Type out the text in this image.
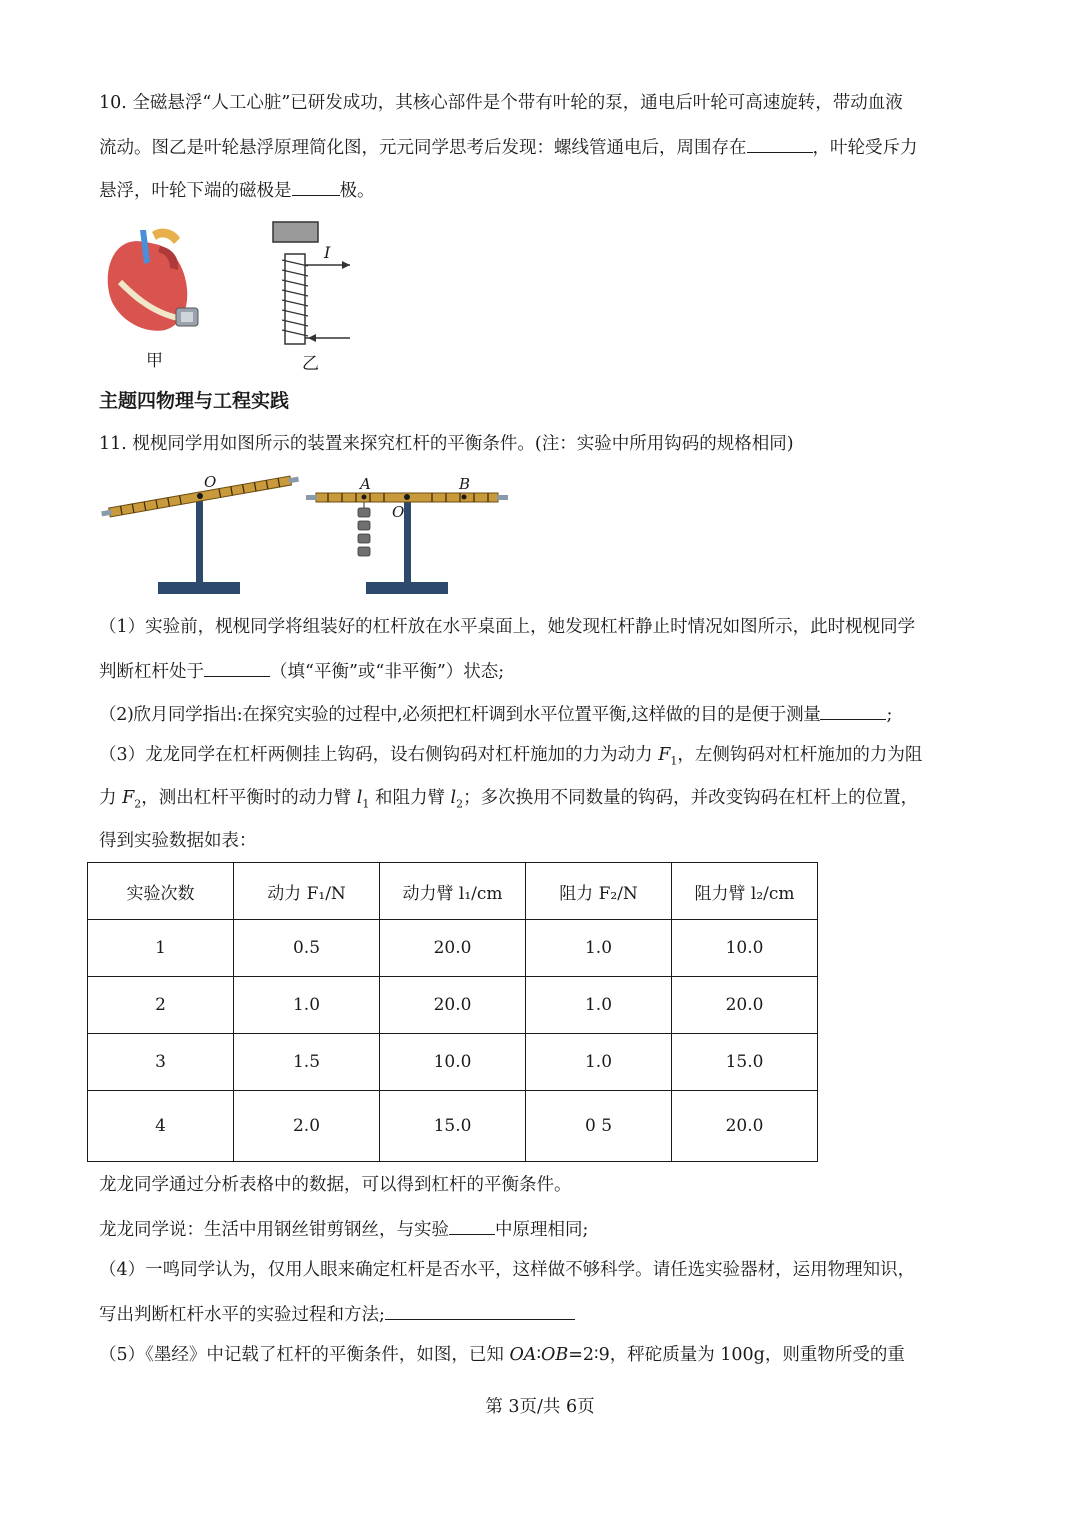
10. 全磁悬浮“人工心脏”已研发成功，其核心部件是个带有叶轮的泵，通电后叶轮可高速旋转，带动血液
流动。图乙是叶轮悬浮原理简化图，元元同学思考后发现：螺线管通电后，周围存在	，叶轮受斥力
悬浮，叶轮下端的磁极是	极。
甲
I
乙
主题四物理与工程实践
11. 枧枧同学用如图所示的装置来探究杠杆的平衡条件。(注：实验中所用钩码的规格相同)
O	A	B
O
（1）实验前，枧枧同学将组装好的杠杆放在水平桌面上，她发现杠杆静止时情况如图所示，此时枧枧同学
判断杠杆处于	（填“平衡”或“非平衡”）状态;
（2)欣月同学指出:在探究实验的过程中,必须把杠杆调到水平位置平衡,这样做的目的是便于测量	;
（3）龙龙同学在杠杆两侧挂上钩码，设右侧钩码对杠杆施加的力为动力 $F_1$，左侧钩码对杠杆施加的力为阻
力 $F_2$，测出杠杆平衡时的动力臂 $l_1$ 和阻力臂 $l_2$；多次换用不同数量的钩码，并改变钩码在杠杆上的位置，
得到实验数据如表：
实验次数	动力 F₁/N	动力臂 l₁/cm	阻力 F₂/N	阻力臂 l₂/cm
1	0.5	20.0	1.0	10.0
2	1.0	20.0	1.0	20.0
3	1.5	10.0	1.0	15.0
4	2.0	15.0	0 5	20.0
龙龙同学通过分析表格中的数据，可以得到杠杆的平衡条件。
龙龙同学说：生活中用钢丝钳剪钢丝，与实验	中原理相同;
（4）一鸣同学认为，仅用人眼来确定杠杆是否水平，这样做不够科学。请任选实验器材，运用物理知识，
写出判断杠杆水平的实验过程和方法;
（5）《墨经》中记载了杠杆的平衡条件，如图，已知 OA∶OB=2∶9，秤砣质量为 100g，则重物所受的重
第 3页/共 6页
